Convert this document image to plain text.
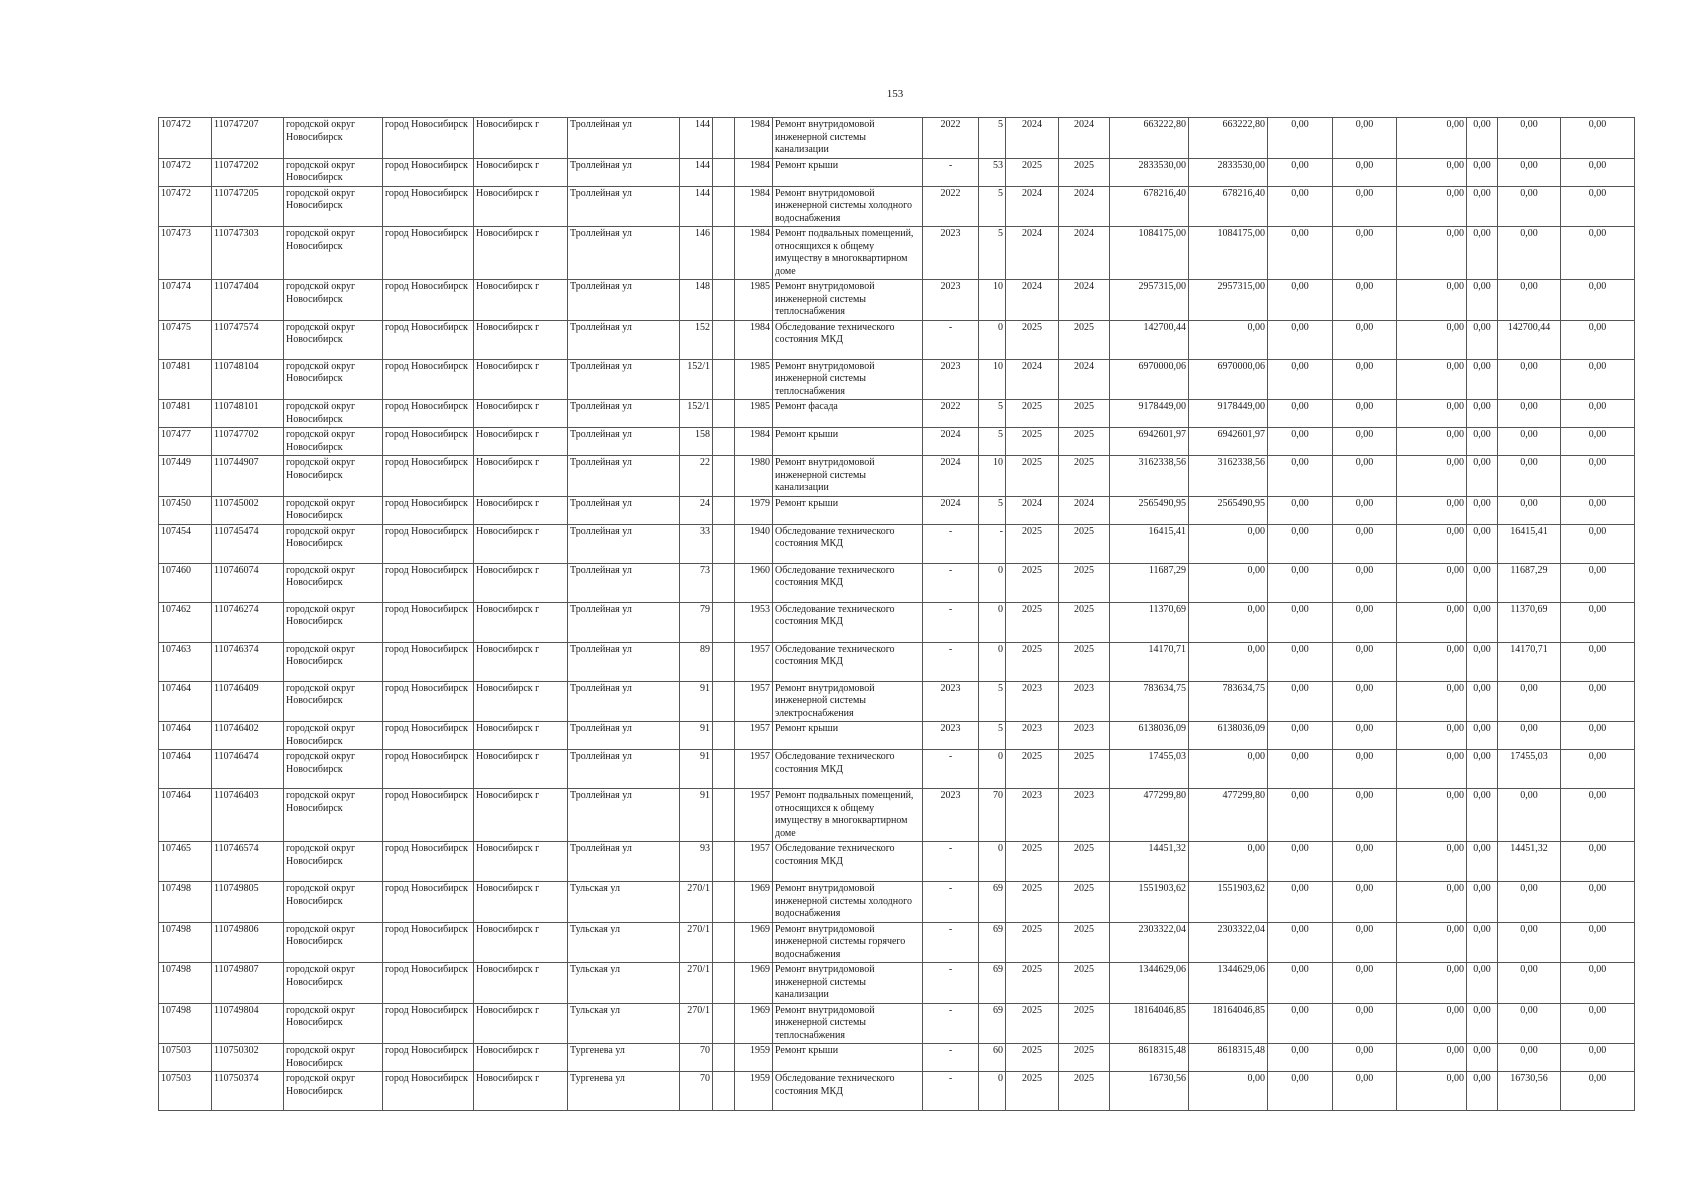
153
107472	110747207	городской округ Новосибирск	город Новосибирск	Новосибирск г	Троллейная ул	144		1984	Ремонт внутридомовой инженерной системы канализации	2022	5	2024	2024	663222,80	663222,80	0,00	0,00	0,00	0,00	0,00	0,00
107472	110747202	городской округ Новосибирск	город Новосибирск	Новосибирск г	Троллейная ул	144		1984	Ремонт крыши	-	53	2025	2025	2833530,00	2833530,00	0,00	0,00	0,00	0,00	0,00	0,00
107472	110747205	городской округ Новосибирск	город Новосибирск	Новосибирск г	Троллейная ул	144		1984	Ремонт внутридомовой инженерной системы холодного водоснабжения	2022	5	2024	2024	678216,40	678216,40	0,00	0,00	0,00	0,00	0,00	0,00
107473	110747303	городской округ Новосибирск	город Новосибирск	Новосибирск г	Троллейная ул	146		1984	Ремонт подвальных помещений, относящихся к общему имуществу в многоквартирном доме	2023	5	2024	2024	1084175,00	1084175,00	0,00	0,00	0,00	0,00	0,00	0,00
107474	110747404	городской округ Новосибирск	город Новосибирск	Новосибирск г	Троллейная ул	148		1985	Ремонт внутридомовой инженерной системы теплоснабжения	2023	10	2024	2024	2957315,00	2957315,00	0,00	0,00	0,00	0,00	0,00	0,00
107475	110747574	городской округ Новосибирск	город Новосибирск	Новосибирск г	Троллейная ул	152		1984	Обследование технического состояния МКД	-	0	2025	2025	142700,44	0,00	0,00	0,00	0,00	0,00	142700,44	0,00
107481	110748104	городской округ Новосибирск	город Новосибирск	Новосибирск г	Троллейная ул	152/1		1985	Ремонт внутридомовой инженерной системы теплоснабжения	2023	10	2024	2024	6970000,06	6970000,06	0,00	0,00	0,00	0,00	0,00	0,00
107481	110748101	городской округ Новосибирск	город Новосибирск	Новосибирск г	Троллейная ул	152/1		1985	Ремонт фасада	2022	5	2025	2025	9178449,00	9178449,00	0,00	0,00	0,00	0,00	0,00	0,00
107477	110747702	городской округ Новосибирск	город Новосибирск	Новосибирск г	Троллейная ул	158		1984	Ремонт крыши	2024	5	2025	2025	6942601,97	6942601,97	0,00	0,00	0,00	0,00	0,00	0,00
107449	110744907	городской округ Новосибирск	город Новосибирск	Новосибирск г	Троллейная ул	22		1980	Ремонт внутридомовой инженерной системы канализации	2024	10	2025	2025	3162338,56	3162338,56	0,00	0,00	0,00	0,00	0,00	0,00
107450	110745002	городской округ Новосибирск	город Новосибирск	Новосибирск г	Троллейная ул	24		1979	Ремонт крыши	2024	5	2024	2024	2565490,95	2565490,95	0,00	0,00	0,00	0,00	0,00	0,00
107454	110745474	городской округ Новосибирск	город Новосибирск	Новосибирск г	Троллейная ул	33		1940	Обследование технического состояния МКД	-	-	2025	2025	16415,41	0,00	0,00	0,00	0,00	0,00	16415,41	0,00
107460	110746074	городской округ Новосибирск	город Новосибирск	Новосибирск г	Троллейная ул	73		1960	Обследование технического состояния МКД	-	0	2025	2025	11687,29	0,00	0,00	0,00	0,00	0,00	11687,29	0,00
107462	110746274	городской округ Новосибирск	город Новосибирск	Новосибирск г	Троллейная ул	79		1953	Обследование технического состояния МКД	-	0	2025	2025	11370,69	0,00	0,00	0,00	0,00	0,00	11370,69	0,00
107463	110746374	городской округ Новосибирск	город Новосибирск	Новосибирск г	Троллейная ул	89		1957	Обследование технического состояния МКД	-	0	2025	2025	14170,71	0,00	0,00	0,00	0,00	0,00	14170,71	0,00
107464	110746409	городской округ Новосибирск	город Новосибирск	Новосибирск г	Троллейная ул	91		1957	Ремонт внутридомовой инженерной системы электроснабжения	2023	5	2023	2023	783634,75	783634,75	0,00	0,00	0,00	0,00	0,00	0,00
107464	110746402	городской округ Новосибирск	город Новосибирск	Новосибирск г	Троллейная ул	91		1957	Ремонт крыши	2023	5	2023	2023	6138036,09	6138036,09	0,00	0,00	0,00	0,00	0,00	0,00
107464	110746474	городской округ Новосибирск	город Новосибирск	Новосибирск г	Троллейная ул	91		1957	Обследование технического состояния МКД	-	0	2025	2025	17455,03	0,00	0,00	0,00	0,00	0,00	17455,03	0,00
107464	110746403	городской округ Новосибирск	город Новосибирск	Новосибирск г	Троллейная ул	91		1957	Ремонт подвальных помещений, относящихся к общему имуществу в многоквартирном доме	2023	70	2023	2023	477299,80	477299,80	0,00	0,00	0,00	0,00	0,00	0,00
107465	110746574	городской округ Новосибирск	город Новосибирск	Новосибирск г	Троллейная ул	93		1957	Обследование технического состояния МКД	-	0	2025	2025	14451,32	0,00	0,00	0,00	0,00	0,00	14451,32	0,00
107498	110749805	городской округ Новосибирск	город Новосибирск	Новосибирск г	Тульская ул	270/1		1969	Ремонт внутридомовой инженерной системы холодного водоснабжения	-	69	2025	2025	1551903,62	1551903,62	0,00	0,00	0,00	0,00	0,00	0,00
107498	110749806	городской округ Новосибирск	город Новосибирск	Новосибирск г	Тульская ул	270/1		1969	Ремонт внутридомовой инженерной системы горячего водоснабжения	-	69	2025	2025	2303322,04	2303322,04	0,00	0,00	0,00	0,00	0,00	0,00
107498	110749807	городской округ Новосибирск	город Новосибирск	Новосибирск г	Тульская ул	270/1		1969	Ремонт внутридомовой инженерной системы канализации	-	69	2025	2025	1344629,06	1344629,06	0,00	0,00	0,00	0,00	0,00	0,00
107498	110749804	городской округ Новосибирск	город Новосибирск	Новосибирск г	Тульская ул	270/1		1969	Ремонт внутридомовой инженерной системы теплоснабжения	-	69	2025	2025	18164046,85	18164046,85	0,00	0,00	0,00	0,00	0,00	0,00
107503	110750302	городской округ Новосибирск	город Новосибирск	Новосибирск г	Тургенева ул	70		1959	Ремонт крыши	-	60	2025	2025	8618315,48	8618315,48	0,00	0,00	0,00	0,00	0,00	0,00
107503	110750374	городской округ Новосибирск	город Новосибирск	Новосибирск г	Тургенева ул	70		1959	Обследование технического состояния МКД	-	0	2025	2025	16730,56	0,00	0,00	0,00	0,00	0,00	16730,56	0,00
